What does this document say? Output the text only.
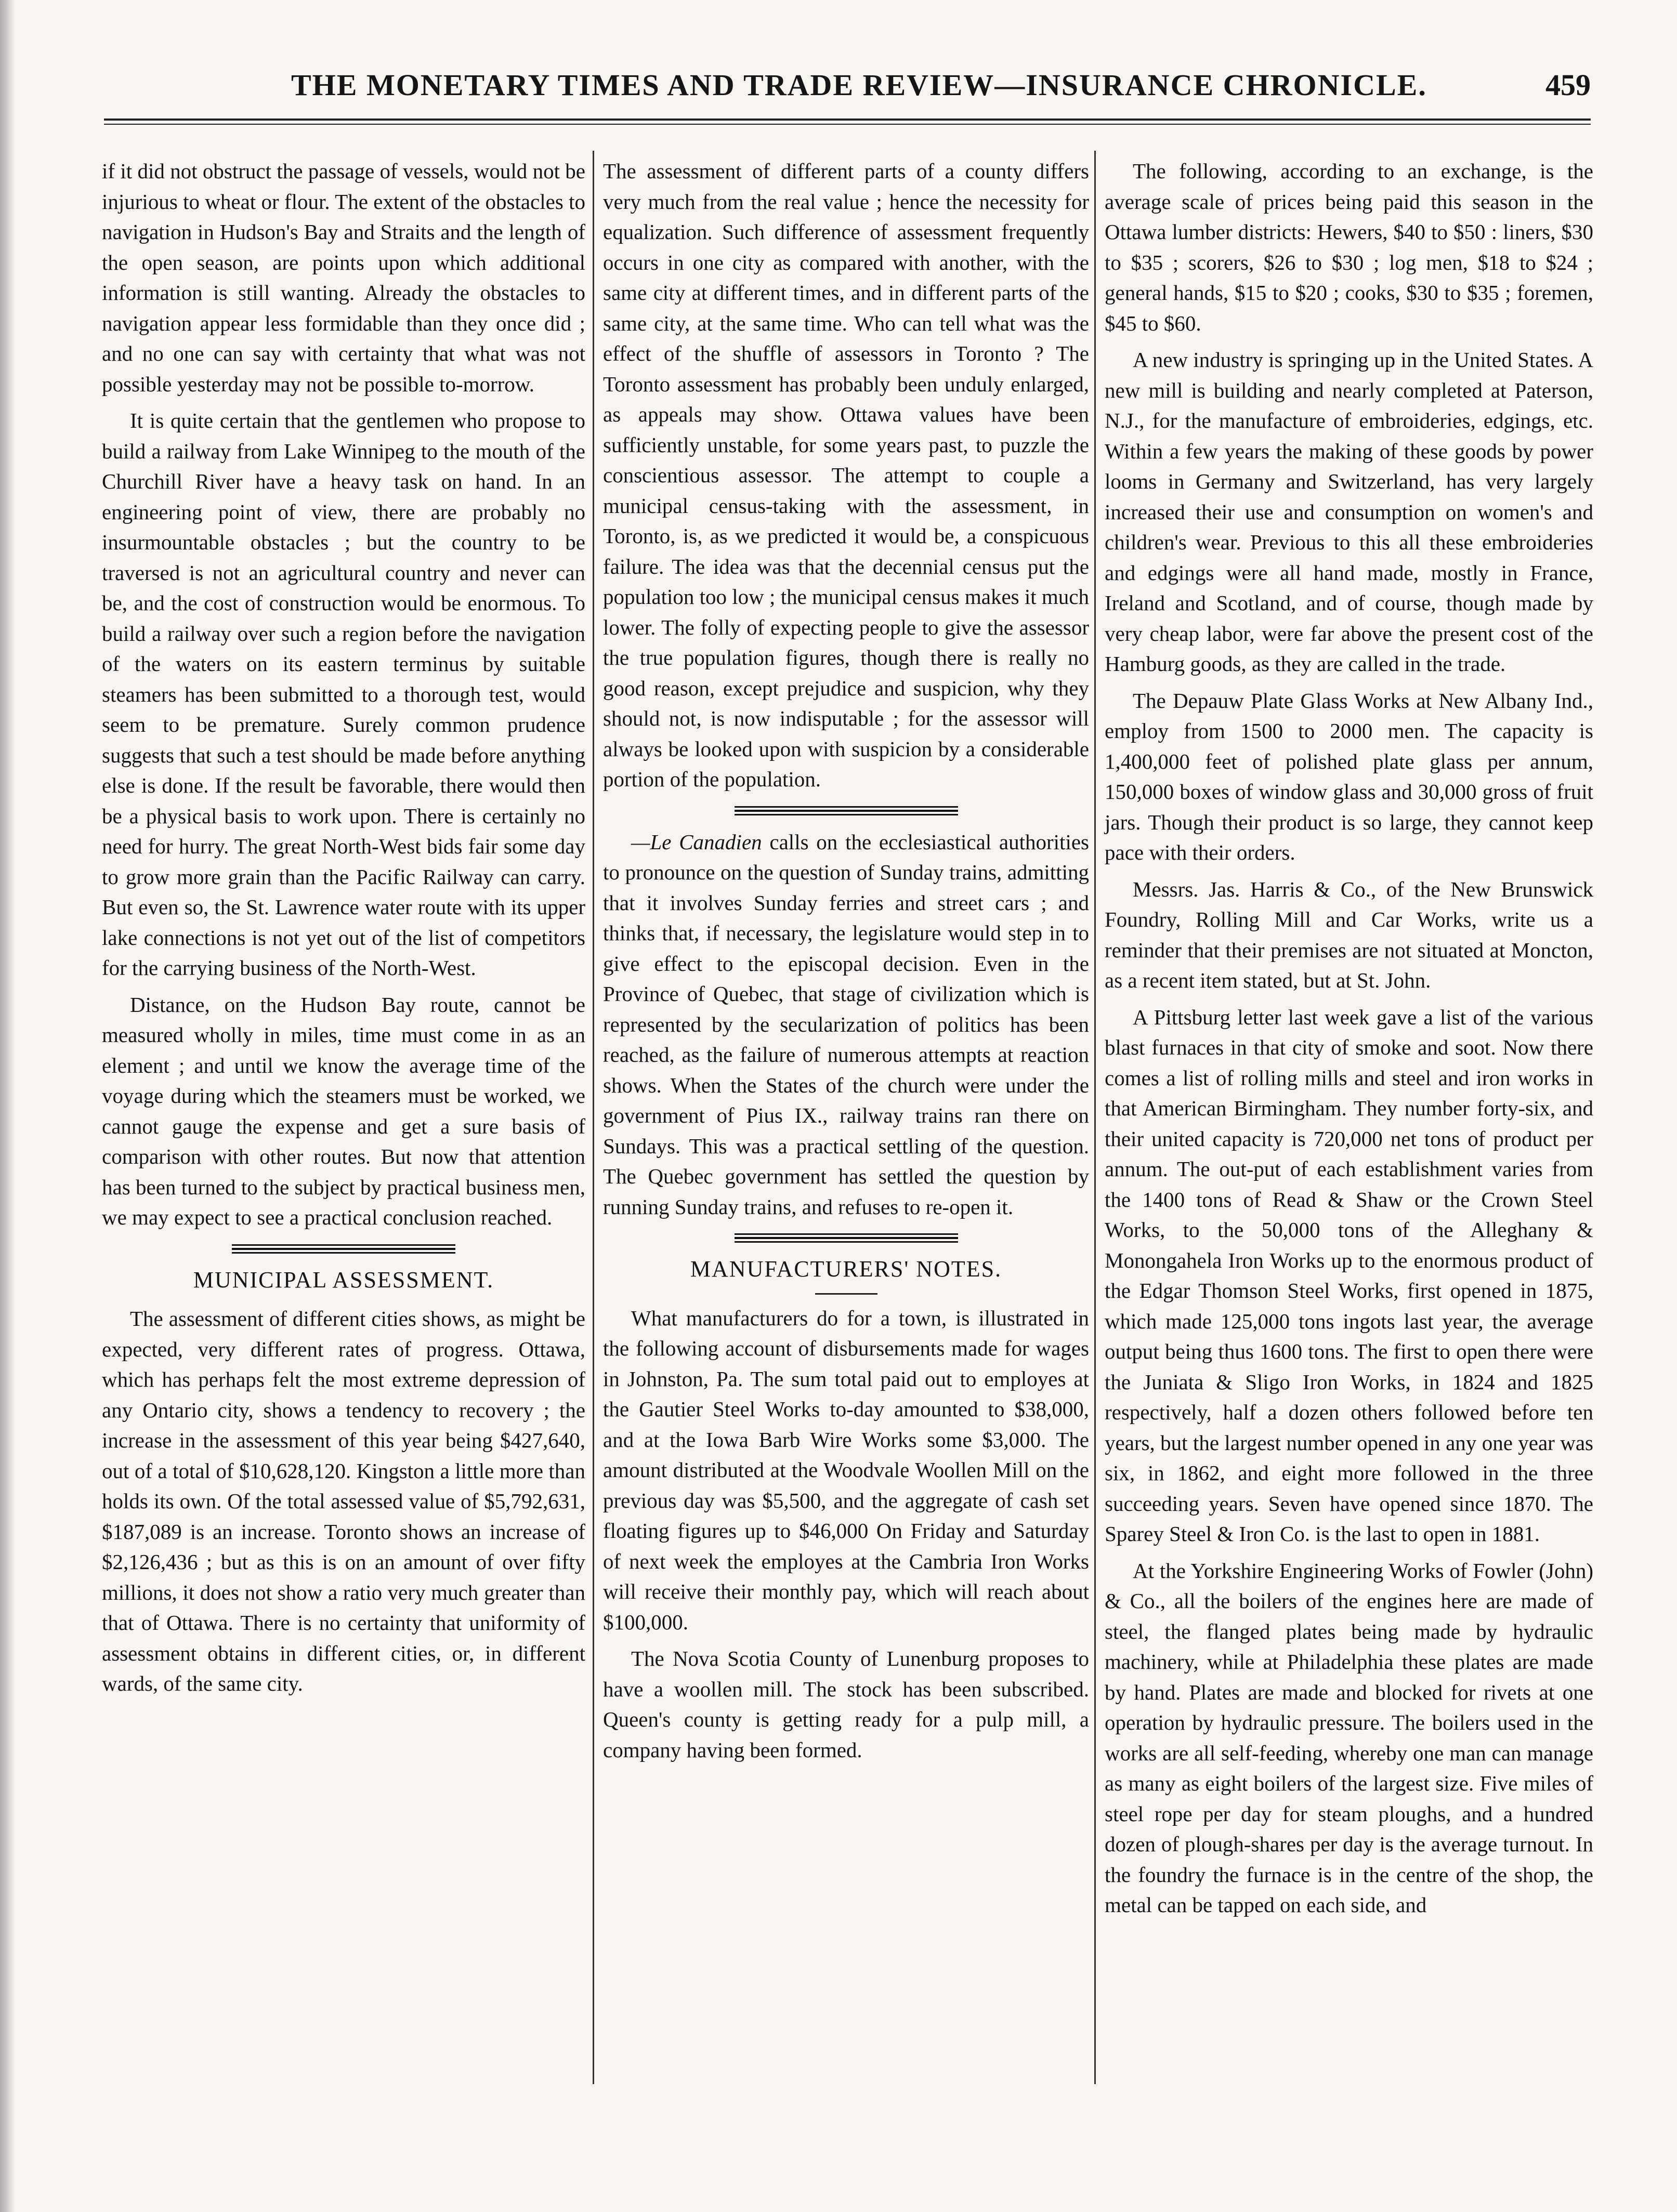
THE MONETARY TIMES AND TRADE REVIEW—INSURANCE CHRONICLE.	459

if it did not obstruct the passage of vessels, would not be injurious to wheat or flour. The extent of the obstacles to navigation in Hudson's Bay and Straits and the length of the open season, are points upon which additional information is still wanting. Already the obstacles to navigation appear less formidable than they once did ; and no one can say with certainty that what was not possible yesterday may not be possible to-morrow.

It is quite certain that the gentlemen who propose to build a railway from Lake Winnipeg to the mouth of the Churchill River have a heavy task on hand. In an engineering point of view, there are probably no insurmountable obstacles ; but the country to be traversed is not an agricultural country and never can be, and the cost of construction would be enormous. To build a railway over such a region before the navigation of the waters on its eastern terminus by suitable steamers has been submitted to a thorough test, would seem to be premature. Surely common prudence suggests that such a test should be made before anything else is done. If the result be favorable, there would then be a physical basis to work upon. There is certainly no need for hurry. The great North-West bids fair some day to grow more grain than the Pacific Railway can carry. But even so, the St. Lawrence water route with its upper lake connections is not yet out of the list of competitors for the carrying business of the North-West.

Distance, on the Hudson Bay route, cannot be measured wholly in miles, time must come in as an element ; and until we know the average time of the voyage during which the steamers must be worked, we cannot gauge the expense and get a sure basis of comparison with other routes. But now that attention has been turned to the subject by practical business men, we may expect to see a practical conclusion reached.

MUNICIPAL ASSESSMENT.

The assessment of different cities shows, as might be expected, very different rates of progress. Ottawa, which has perhaps felt the most extreme depression of any Ontario city, shows a tendency to recovery ; the increase in the assessment of this year being $427,640, out of a total of $10,628,120. Kingston a little more than holds its own. Of the total assessed value of $5,792,631, $187,089 is an increase. Toronto shows an increase of $2,126,436 ; but as this is on an amount of over fifty millions, it does not show a ratio very much greater than that of Ottawa. There is no certainty that uniformity of assessment obtains in different cities, or, in different wards, of the same city.

The assessment of different parts of a county differs very much from the real value ; hence the necessity for equalization. Such difference of assessment frequently occurs in one city as compared with another, with the same city at different times, and in different parts of the same city, at the same time. Who can tell what was the effect of the shuffle of assessors in Toronto ? The Toronto assessment has probably been unduly enlarged, as appeals may show. Ottawa values have been sufficiently unstable, for some years past, to puzzle the conscientious assessor. The attempt to couple a municipal census-taking with the assessment, in Toronto, is, as we predicted it would be, a conspicuous failure. The idea was that the decennial census put the population too low ; the municipal census makes it much lower. The folly of expecting people to give the assessor the true population figures, though there is really no good reason, except prejudice and suspicion, why they should not, is now indisputable ; for the assessor will always be looked upon with suspicion by a considerable portion of the population.

—Le Canadien calls on the ecclesiastical authorities to pronounce on the question of Sunday trains, admitting that it involves Sunday ferries and street cars ; and thinks that, if necessary, the legislature would step in to give effect to the episcopal decision. Even in the Province of Quebec, that stage of civilization which is represented by the secularization of politics has been reached, as the failure of numerous attempts at reaction shows. When the States of the church were under the government of Pius IX., railway trains ran there on Sundays. This was a practical settling of the question. The Quebec government has settled the question by running Sunday trains, and refuses to re-open it.

MANUFACTURERS' NOTES.

What manufacturers do for a town, is illustrated in the following account of disbursements made for wages in Johnston, Pa. The sum total paid out to employes at the Gautier Steel Works to-day amounted to $38,000, and at the Iowa Barb Wire Works some $3,000. The amount distributed at the Woodvale Woollen Mill on the previous day was $5,500, and the aggregate of cash set floating figures up to $46,000 On Friday and Saturday of next week the employes at the Cambria Iron Works will receive their monthly pay, which will reach about $100,000.

The Nova Scotia County of Lunenburg proposes to have a woollen mill. The stock has been subscribed. Queen's county is getting ready for a pulp mill, a company having been formed.

The following, according to an exchange, is the average scale of prices being paid this season in the Ottawa lumber districts: Hewers, $40 to $50 : liners, $30 to $35 ; scorers, $26 to $30 ; log men, $18 to $24 ; general hands, $15 to $20 ; cooks, $30 to $35 ; foremen, $45 to $60.

A new industry is springing up in the United States. A new mill is building and nearly completed at Paterson, N.J., for the manufacture of embroideries, edgings, etc. Within a few years the making of these goods by power looms in Germany and Switzerland, has very largely increased their use and consumption on women's and children's wear. Previous to this all these embroideries and edgings were all hand made, mostly in France, Ireland and Scotland, and of course, though made by very cheap labor, were far above the present cost of the Hamburg goods, as they are called in the trade.

The Depauw Plate Glass Works at New Albany Ind., employ from 1500 to 2000 men. The capacity is 1,400,000 feet of polished plate glass per annum, 150,000 boxes of window glass and 30,000 gross of fruit jars. Though their product is so large, they cannot keep pace with their orders.

Messrs. Jas. Harris & Co., of the New Brunswick Foundry, Rolling Mill and Car Works, write us a reminder that their premises are not situated at Moncton, as a recent item stated, but at St. John.

A Pittsburg letter last week gave a list of the various blast furnaces in that city of smoke and soot. Now there comes a list of rolling mills and steel and iron works in that American Birmingham. They number forty-six, and their united capacity is 720,000 net tons of product per annum. The out-put of each establishment varies from the 1400 tons of Read & Shaw or the Crown Steel Works, to the 50,000 tons of the Alleghany & Monongahela Iron Works up to the enormous product of the Edgar Thomson Steel Works, first opened in 1875, which made 125,000 tons ingots last year, the average output being thus 1600 tons. The first to open there were the Juniata & Sligo Iron Works, in 1824 and 1825 respectively, half a dozen others followed before ten years, but the largest number opened in any one year was six, in 1862, and eight more followed in the three succeeding years. Seven have opened since 1870. The Sparey Steel & Iron Co. is the last to open in 1881.

At the Yorkshire Engineering Works of Fowler (John) & Co., all the boilers of the engines here are made of steel, the flanged plates being made by hydraulic machinery, while at Philadelphia these plates are made by hand. Plates are made and blocked for rivets at one operation by hydraulic pressure. The boilers used in the works are all self-feeding, whereby one man can manage as many as eight boilers of the largest size. Five miles of steel rope per day for steam ploughs, and a hundred dozen of plough-shares per day is the average turnout. In the foundry the furnace is in the centre of the shop, the metal can be tapped on each side, and
